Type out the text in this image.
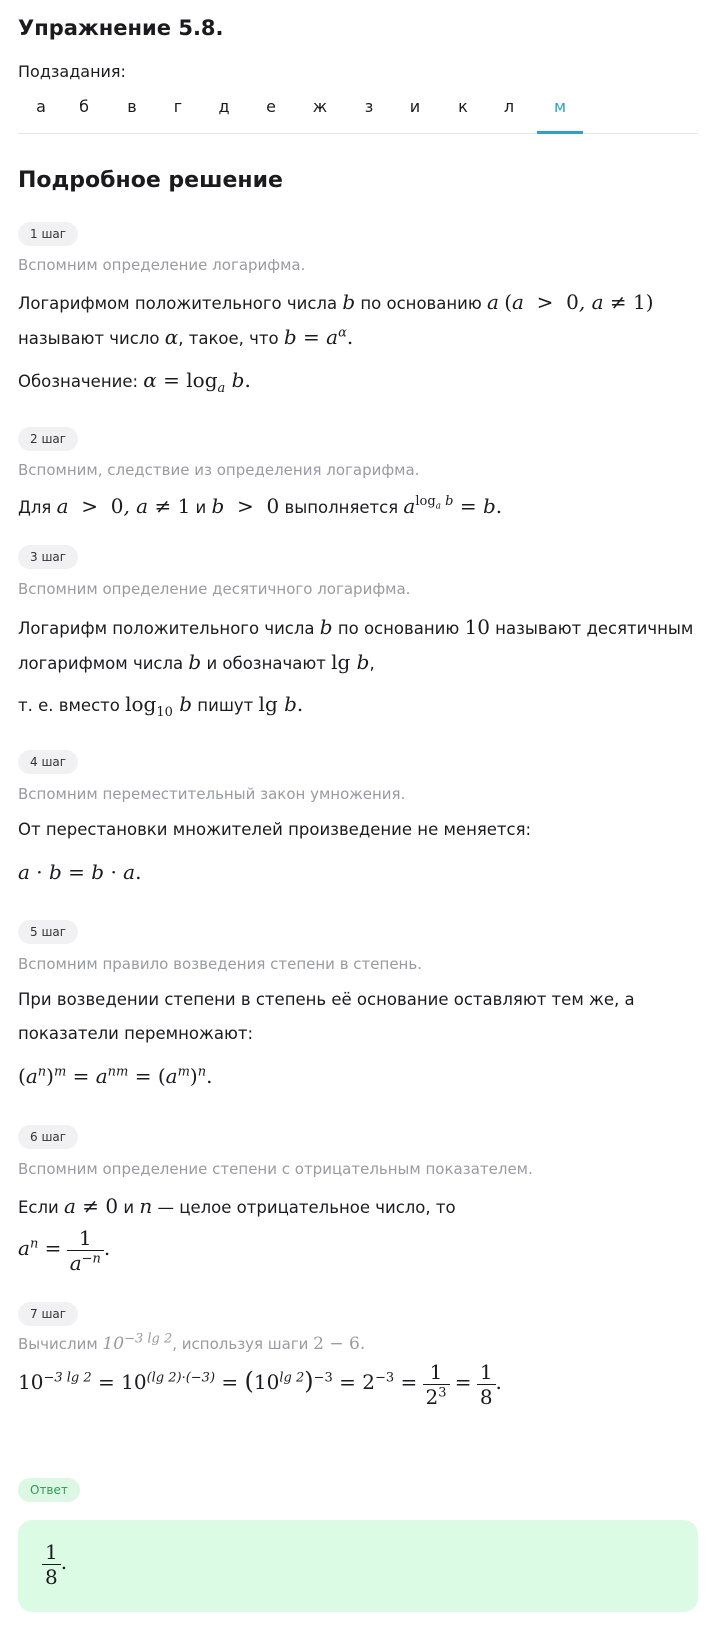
Упражнение 5.8.
Подзадания:
а	б	в	г	д	е	ж	з	и	к	л	м
Подробное решение
1 шаг
Вспомним определение логарифма.
Логарифмом положительного числа b по основанию a (a  >  0, a ≠ 1)
называют число α, такое, что $b = a^\alpha$.
Обозначение: $\alpha = \log_a b$.
2 шаг
Вспомним, следствие из определения логарифма.
Для a  >  0, a ≠ 1 и b  >  0 выполняется $a^{log_a b} = b$.
3 шаг
Вспомним определение десятичного логарифма.
Логарифм положительного числа b по основанию 10 называют десятичным
логарифмом числа b и обозначают lg b,
т. е. вместо $\log_{10} b$ пишут lg b.
4 шаг
Вспомним переместительный закон умножения.
От перестановки множителей произведение не меняется:
a · b = b · a.
5 шаг
Вспомним правило возведения степени в степень.
При возведении степени в степень её основание оставляют тем же, а
показатели перемножают:
$(a^n)^m = a^{nm} = (a^m)^n$.
6 шаг
Вспомним определение степени с отрицательным показателем.
Если a ≠ 0 и n — целое отрицательное число, то
$a^n = \frac{1}{a^{-n}}$ .
7 шаг
Вычислим $10^{-3 lg 2}$, используя шаги 2 − 6.
$10^{-3 lg 2} = 10^{(lg 2)\cdot(-3)} = (10^{lg 2})^{-3} = 2^{-3} = \frac{1}{2^3} = \frac{1}{8}$ .
Ответ
$\frac{1}{8}$ .
